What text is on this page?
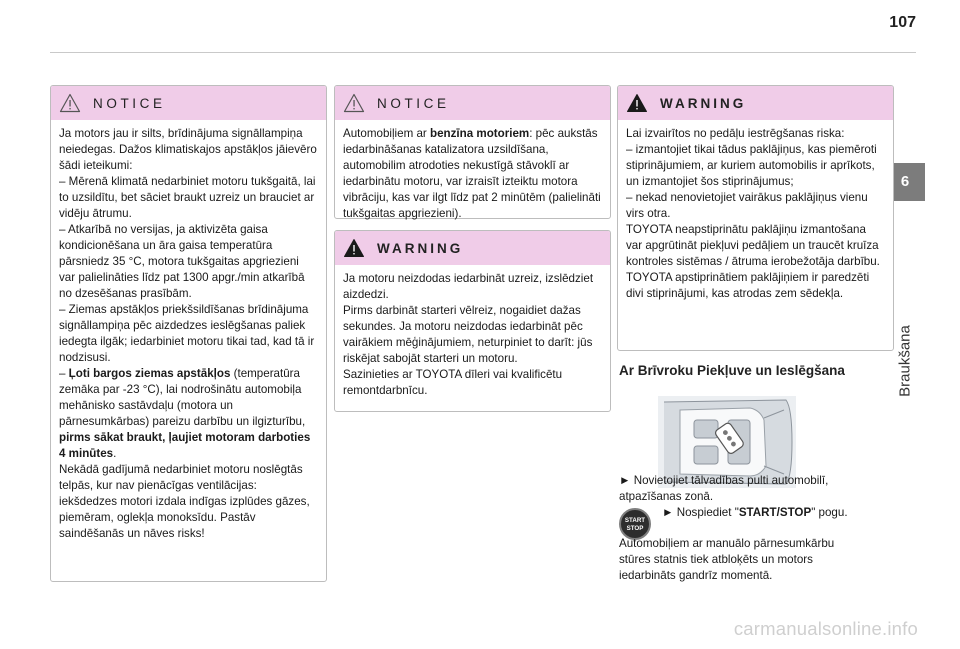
107
6
Braukšana
NOTICE

Ja motors jau ir silts, brīdinājuma signāllampiņa neiedegas. Dažos klimatiskajos apstākļos jāievēro šādi ieteikumi:

– Mērenā klimatā nedarbiniet motoru tukšgaitā, lai to uzsildītu, bet sāciet braukt uzreiz un brauciet ar vidēju ātrumu.

– Atkarībā no versijas, ja aktivizēta gaisa kondicionēšana un āra gaisa temperatūra pārsniedz 35 °C, motora tukšgaitas apgriezieni var palielināties līdz pat 1300 apgr./min atkarībā no dzesēšanas prasībām.

– Ziemas apstākļos priekšsildīšanas brīdinājuma signāllampiņa pēc aizdedzes ieslēgšanas paliek iedegta ilgāk; iedarbiniet motoru tikai tad, kad tā ir nodzisusi.

– Ļoti bargos ziemas apstākļos (temperatūra zemāka par -23 °C), lai nodrošinātu automobiļa mehānisko sastāvdaļu (motora un pārnesumkārbas) pareizu darbību un ilgizturību, pirms sākat braukt, ļaujiet motoram darboties 4 minūtes.

Nekādā gadījumā nedarbiniet motoru noslēgtās telpās, kur nav pienācīgas ventilācijas: iekšdedzes motori izdala indīgas izplūdes gāzes, piemēram, oglekļa monoksīdu. Pastāv saindēšanās un nāves risks!

NOTICE

Automobiļiem ar benzīna motoriem: pēc aukstās iedarbināšanas katalizatora uzsildīšana, automobilim atrodoties nekustīgā stāvoklī ar iedarbinātu motoru, var izraisīt izteiktu motora vibrāciju, kas var ilgt līdz pat 2 minūtēm (palielināti tukšgaitas apgriezieni).

WARNING

Ja motoru neizdodas iedarbināt uzreiz, izslēdziet aizdedzi.

Pirms darbināt starteri vēlreiz, nogaidiet dažas sekundes. Ja motoru neizdodas iedarbināt pēc vairākiem mēģinājumiem, neturpiniet to darīt: jūs riskējat sabojāt starteri un motoru.

Sazinieties ar TOYOTA dīleri vai kvalificētu remontdarbnīcu.

WARNING

Lai izvairītos no pedāļu iestrēgšanas riska:

– izmantojiet tikai tādus paklājiņus, kas piemēroti stiprinājumiem, ar kuriem automobilis ir aprīkots, un izmantojiet šos stiprinājumus;

– nekad nenovietojiet vairākus paklājiņus vienu virs otra.

TOYOTA neapstiprinātu paklājiņu izmantošana var apgrūtināt piekļuvi pedāļiem un traucēt kruīza kontroles sistēmas / ātruma ierobežotāja darbību.

TOYOTA apstiprinātiem paklājiņiem ir paredzēti divi stiprinājumi, kas atrodas zem sēdekļa.

Ar Brīvroku Piekļuve un Ieslēgšana

► Novietojiet tālvadības pulti automobilī, atpazīšanas zonā.

START
STOP

► Nospiediet "START/STOP" pogu.

Automobiļiem ar manuālo pārnesumkārbu stūres statnis tiek atbloķēts un motors iedarbināts gandrīz momentā.

carmanualsonline.info
